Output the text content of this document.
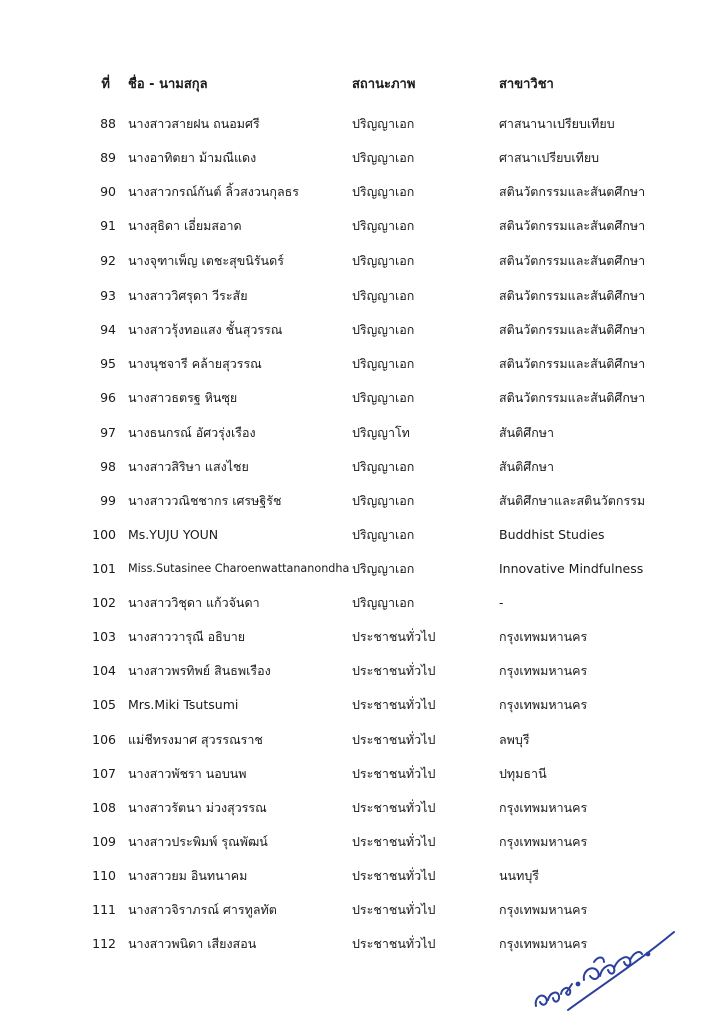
ที่ ชื่อ - นามสกุล	สถานะภาพ	สาขาวิชา
88 นางสาวสายฝน ถนอมศรี	ปริญญาเอก	ศาสนานาเปรียบเทียบ
89 นางอาทิตยา ม้ามณีแดง	ปริญญาเอก	ศาสนาเปรียบเทียบ
90 นางสาวกรณ์กันต์ ลิ้วสงวนกุลธร	ปริญญาเอก	สตินวัตกรรมและสันตศึกษา
91 นางสุธิดา เอี่ยมสอาด	ปริญญาเอก	สตินวัตกรรมและสันตศึกษา
92 นางจุฑาเพ็ญ เตชะสุขนิรันดร์	ปริญญาเอก	สตินวัตกรรมและสันตศึกษา
93 นางสาววิศรุดา วีระสัย	ปริญญาเอก	สตินวัตกรรมและสันติศึกษา
94 นางสาวรุ้งทอแสง ชั้นสุวรรณ	ปริญญาเอก	สตินวัตกรรมและสันติศึกษา
95 นางนุชจารี คล้ายสุวรรณ	ปริญญาเอก	สตินวัตกรรมและสันติศึกษา
96 นางสาวธตรฐ หินซุย	ปริญญาเอก	สตินวัตกรรมและสันติศึกษา
97 นางธนกรณ์ อัศวรุ่งเรือง	ปริญญาโท	สันติศึกษา
98 นางสาวสิริษา แสงไชย	ปริญญาเอก	สันติศึกษา
99 นางสาววณิชชากร เศรษฐิรัช	ปริญญาเอก	สันติศึกษาและสตินวัตกรรม
100 Ms.YUJU YOUN	ปริญญาเอก	Buddhist Studies
101 Miss.Sutasinee Charoenwattananondha ปริญญาเอก	Innovative Mindfulness
102 นางสาววิชุดา แก้วจันดา	ปริญญาเอก	-
103 นางสาววารุณี อธิบาย	ประชาชนทั่วไป	กรุงเทพมหานคร
104 นางสาวพรทิพย์ สินธพเรือง	ประชาชนทั่วไป	กรุงเทพมหานคร
105 Mrs.Miki Tsutsumi	ประชาชนทั่วไป	กรุงเทพมหานคร
106 แม่ชีทรงมาศ สุวรรณราช	ประชาชนทั่วไป	ลพบุรี
107 นางสาวพัชรา นอบนพ	ประชาชนทั่วไป	ปทุมธานี
108 นางสาวรัตนา ม่วงสุวรรณ	ประชาชนทั่วไป	กรุงเทพมหานคร
109 นางสาวประพิมพ์ รุณพัฒน์	ประชาชนทั่วไป	กรุงเทพมหานคร
110 นางสาวยม อินทนาคม	ประชาชนทั่วไป	นนทบุรี
111 นางสาวจิราภรณ์ ศารทูลทัต	ประชาชนทั่วไป	กรุงเทพมหานคร
112 นางสาวพนิดา เสียงสอน	ประชาชนทั่วไป	กรุงเทพมหานคร
